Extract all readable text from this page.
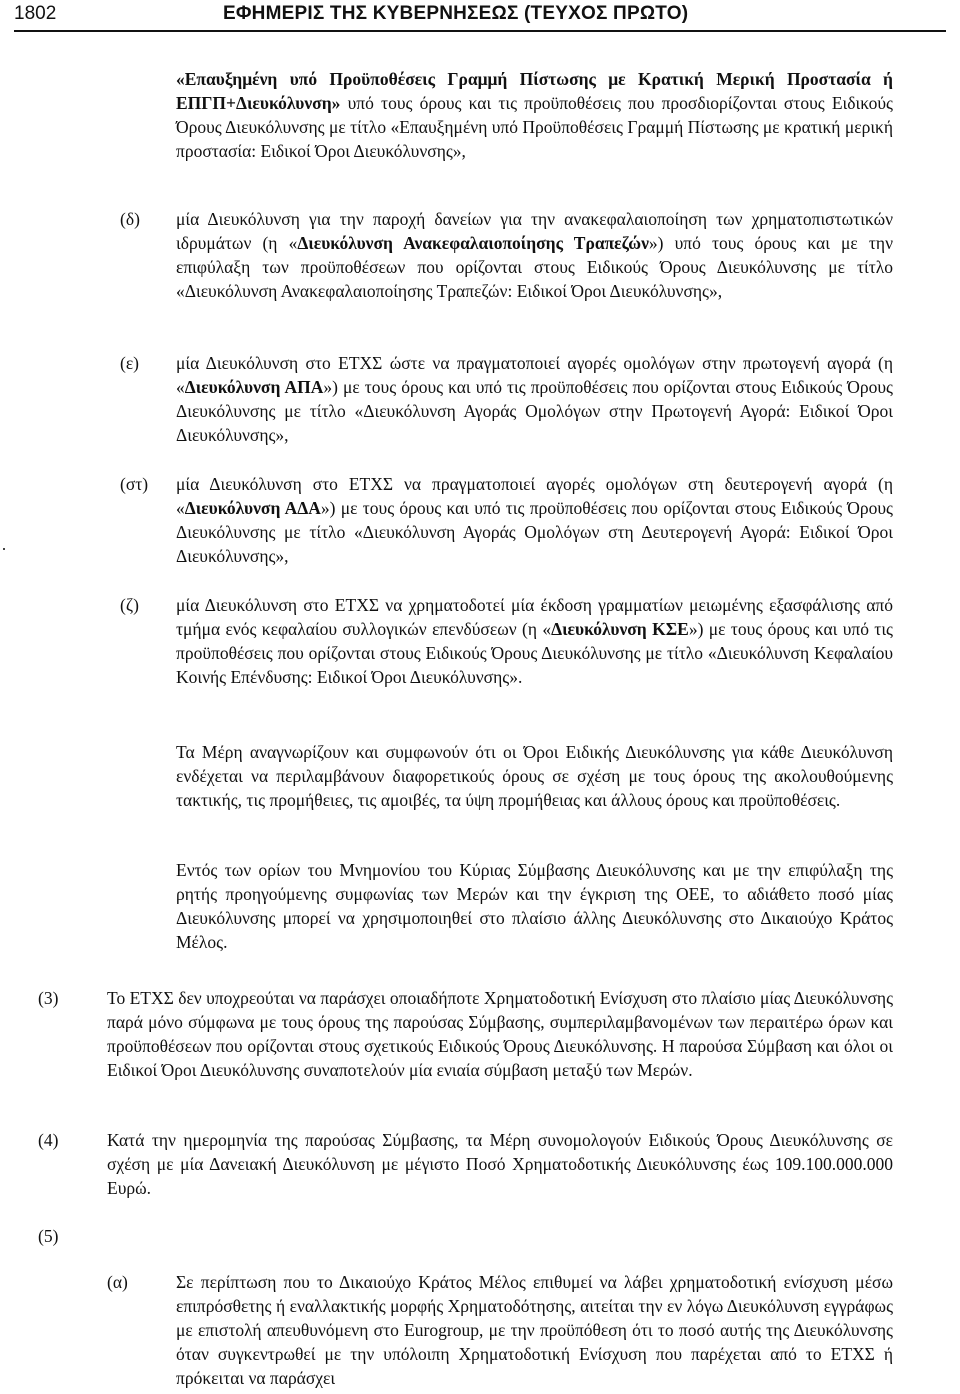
1802	ΕΦΗΜΕΡΙΣ ΤΗΣ ΚΥΒΕΡΝΗΣΕΩΣ (ΤΕΥΧΟΣ ΠΡΩΤΟ)

«Επαυξημένη υπό Προϋποθέσεις Γραμμή Πίστωσης με Κρατική Μερική Προστασία ή ΕΠΓΠ+Διευκόλυνση» υπό τους όρους και τις προϋποθέσεις που προσδιορίζονται στους Ειδικούς Όρους Διευκόλυνσης με τίτλο «Επαυξημένη υπό Προϋποθέσεις Γραμμή Πίστωσης με κρατική μερική προστασία: Ειδικοί Όροι Διευκόλυνσης»,

(δ) μία Διευκόλυνση για την παροχή δανείων για την ανακεφαλαιοποίηση των χρηματοπιστωτικών ιδρυμάτων (η «Διευκόλυνση Ανακεφαλαιοποίησης Τραπεζών») υπό τους όρους και με την επιφύλαξη των προϋποθέσεων που ορίζονται στους Ειδικούς Όρους Διευκόλυνσης με τίτλο «Διευκόλυνση Ανακεφαλαιοποίησης Τραπεζών: Ειδικοί Όροι Διευκόλυνσης»,

(ε) μία Διευκόλυνση στο ΕΤΧΣ ώστε να πραγματοποιεί αγορές ομολόγων στην πρωτογενή αγορά (η «Διευκόλυνση ΑΠΑ») με τους όρους και υπό τις προϋποθέσεις που ορίζονται στους Ειδικούς Όρους Διευκόλυνσης με τίτλο «Διευκόλυνση Αγοράς Ομολόγων στην Πρωτογενή Αγορά: Ειδικοί Όροι Διευκόλυνσης»,

(στ) μία Διευκόλυνση στο ΕΤΧΣ να πραγματοποιεί αγορές ομολόγων στη δευτερογενή αγορά (η «Διευκόλυνση ΑΔΑ») με τους όρους και υπό τις προϋποθέσεις που ορίζονται στους Ειδικούς Όρους Διευκόλυνσης με τίτλο «Διευκόλυνση Αγοράς Ομολόγων στη Δευτερογενή Αγορά: Ειδικοί Όροι Διευκόλυνσης»,

(ζ) μία Διευκόλυνση στο ΕΤΧΣ να χρηματοδοτεί μία έκδοση γραμματίων μειωμένης εξασφάλισης από τμήμα ενός κεφαλαίου συλλογικών επενδύσεων (η «Διευκόλυνση ΚΣΕ») με τους όρους και υπό τις προϋποθέσεις που ορίζονται στους Ειδικούς Όρους Διευκόλυνσης με τίτλο «Διευκόλυνση Κεφαλαίου Κοινής Επένδυσης: Ειδικοί Όροι Διευκόλυνσης».

Τα Μέρη αναγνωρίζουν και συμφωνούν ότι οι Όροι Ειδικής Διευκόλυνσης για κάθε Διευκόλυνση ενδέχεται να περιλαμβάνουν διαφορετικούς όρους σε σχέση με τους όρους της ακολουθούμενης τακτικής, τις προμήθειες, τις αμοιβές, τα ύψη προμήθειας και άλλους όρους και προϋποθέσεις.

Εντός των ορίων του Μνημονίου του Κύριας Σύμβασης Διευκόλυνσης και με την επιφύλαξη της ρητής προηγούμενης συμφωνίας των Μερών και την έγκριση της ΟΕΕ, το αδιάθετο ποσό μίας Διευκόλυνσης μπορεί να χρησιμοποιηθεί στο πλαίσιο άλλης Διευκόλυνσης στο Δικαιούχο Κράτος Μέλος.

(3)	Το ΕΤΧΣ δεν υποχρεούται να παράσχει οποιαδήποτε Χρηματοδοτική Ενίσχυση στο πλαίσιο μίας Διευκόλυνσης παρά μόνο σύμφωνα με τους όρους της παρούσας Σύμβασης, συμπεριλαμβανομένων των περαιτέρω όρων και προϋποθέσεων που ορίζονται στους σχετικούς Ειδικούς Όρους Διευκόλυνσης. Η παρούσα Σύμβαση και όλοι οι Ειδικοί Όροι Διευκόλυνσης συναποτελούν μία ενιαία σύμβαση μεταξύ των Μερών.

(4)	Κατά την ημερομηνία της παρούσας Σύμβασης, τα Μέρη συνομολογούν Ειδικούς Όρους Διευκόλυνσης σε σχέση με μία Δανειακή Διευκόλυνση με μέγιστο Ποσό Χρηματοδοτικής Διευκόλυνσης έως 109.100.000.000 Ευρώ.

(5)

(α)	Σε περίπτωση που το Δικαιούχο Κράτος Μέλος επιθυμεί να λάβει χρηματοδοτική ενίσχυση μέσω επιπρόσθετης ή εναλλακτικής μορφής Χρηματοδότησης, αιτείται την εν λόγω Διευκόλυνση εγγράφως με επιστολή απευθυνόμενη στο Eurogroup, με την προϋπόθεση ότι το ποσό αυτής της Διευκόλυνσης όταν συγκεντρωθεί με την υπόλοιπη Χρηματοδοτική Ενίσχυση που παρέχεται από το ΕΤΧΣ ή πρόκειται να παράσχει
